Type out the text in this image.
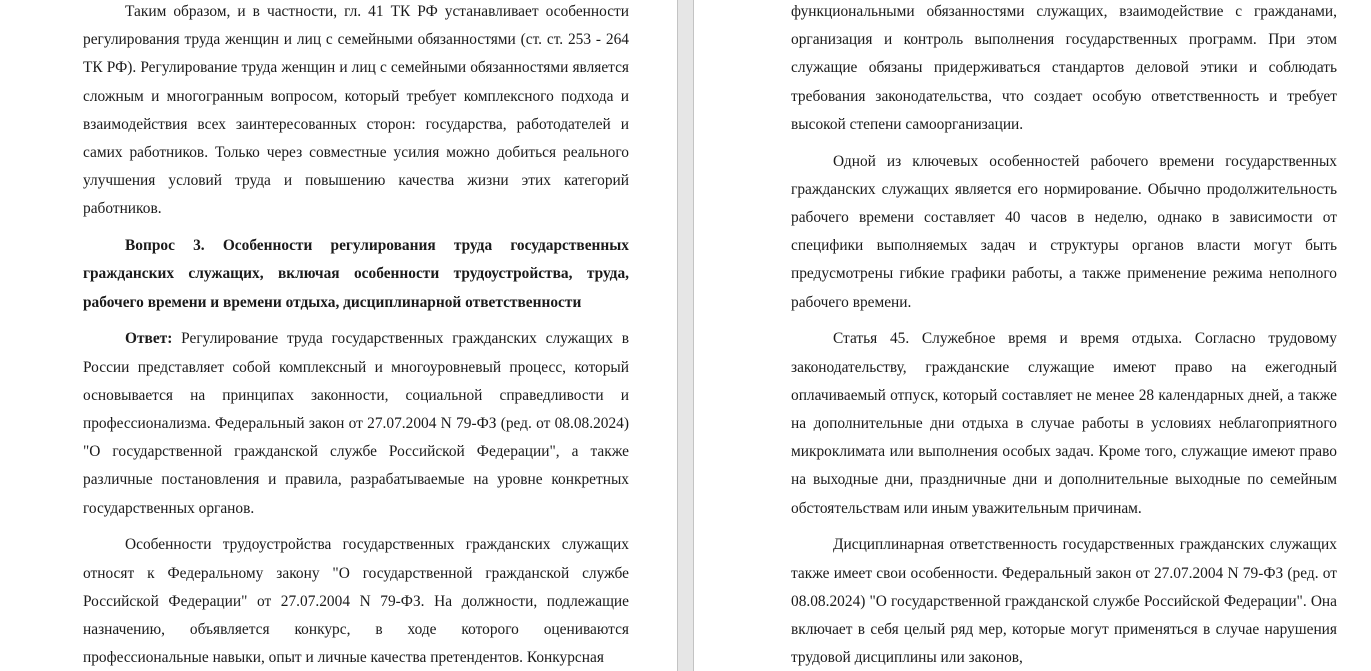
Таким образом, и в частности, гл. 41 ТК РФ устанавливает особенности регулирования труда женщин и лиц с семейными обязанностями (ст. ст. 253 - 264 ТК РФ). Регулирование труда женщин и лиц с семейными обязанностями является сложным и многогранным вопросом, который требует комплексного подхода и взаимодействия всех заинтересованных сторон: государства, работодателей и самих работников. Только через совместные усилия можно добиться реального улучшения условий труда и повышению качества жизни этих категорий работников.

Вопрос 3. Особенности регулирования труда государственных гражданских служащих, включая особенности трудоустройства, труда, рабочего времени и времени отдыха, дисциплинарной ответственности

Ответ: Регулирование труда государственных гражданских служащих в России представляет собой комплексный и многоуровневый процесс, который основывается на принципах законности, социальной справедливости и профессионализма. Федеральный закон от 27.07.2004 N 79-ФЗ (ред. от 08.08.2024) "О государственной гражданской службе Российской Федерации", а также различные постановления и правила, разрабатываемые на уровне конкретных государственных органов.

Особенности трудоустройства государственных гражданских служащих относят к Федеральному закону "О государственной гражданской службе Российской Федерации" от 27.07.2004 N 79-ФЗ. На должности, подлежащие назначению, объявляется конкурс, в ходе которого оцениваются профессиональные навыки, опыт и личные качества претендентов. Конкурсная

функциональными обязанностями служащих, взаимодействие с гражданами, организация и контроль выполнения государственных программ. При этом служащие обязаны придерживаться стандартов деловой этики и соблюдать требования законодательства, что создает особую ответственность и требует высокой степени самоорганизации.

Одной из ключевых особенностей рабочего времени государственных гражданских служащих является его нормирование. Обычно продолжительность рабочего времени составляет 40 часов в неделю, однако в зависимости от специфики выполняемых задач и структуры органов власти могут быть предусмотрены гибкие графики работы, а также применение режима неполного рабочего времени.

Статья 45. Служебное время и время отдыха. Согласно трудовому законодательству, гражданские служащие имеют право на ежегодный оплачиваемый отпуск, который составляет не менее 28 календарных дней, а также на дополнительные дни отдыха в случае работы в условиях неблагоприятного микроклимата или выполнения особых задач. Кроме того, служащие имеют право на выходные дни, праздничные дни и дополнительные выходные по семейным обстоятельствам или иным уважительным причинам.

Дисциплинарная ответственность государственных гражданских служащих также имеет свои особенности. Федеральный закон от 27.07.2004 N 79-ФЗ (ред. от 08.08.2024) "О государственной гражданской службе Российской Федерации". Она включает в себя целый ряд мер, которые могут применяться в случае нарушения трудовой дисциплины или законов,
